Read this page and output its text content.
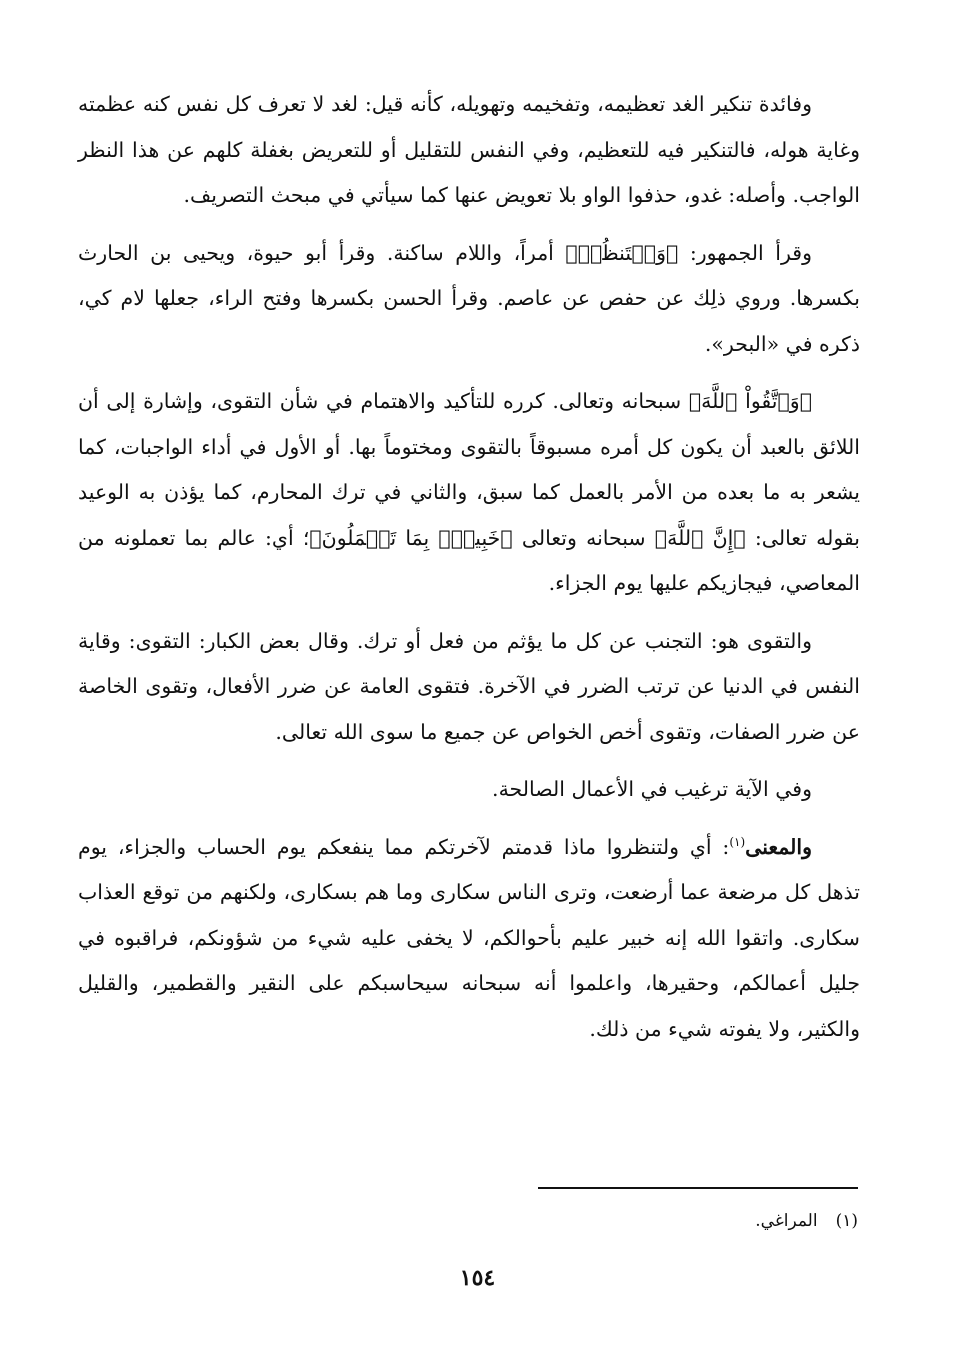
وفائدة تنكير الغد تعظيمه، وتفخيمه وتهويله، كأنه قيل: لغد لا تعرف كل نفس كنه عظمته وغاية هوله، فالتنكير فيه للتعظيم، وفي النفس للتقليل أو للتعريض بغفلة كلهم عن هذا النظر الواجب. وأصله: غدو، حذفوا الواو بلا تعويض عنها كما سيأتي في مبحث التصريف.

وقرأ الجمهور: ﴿وَلۡتَنظُرۡ﴾ أمراً، واللام ساكنة. وقرأ أبو حيوة، ويحيى بن الحارث بكسرها. وروي ذلِك عن حفص عن عاصم. وقرأ الحسن بكسرها وفتح الراء، جعلها لام كي، ذكره في «البحر».

﴿وَٱتَّقُواْ ٱللَّهَ﴾ سبحانه وتعالى. كرره للتأكيد والاهتمام في شأن التقوى، وإشارة إلى أن اللائق بالعبد أن يكون كل أمره مسبوقاً بالتقوى ومختوماً بها. أو الأول في أداء الواجبات، كما يشعر به ما بعده من الأمر بالعمل كما سبق، والثاني في ترك المحارم، كما يؤذن به الوعيد بقوله تعالى: ﴿إِنَّ ٱللَّهَ﴾ سبحانه وتعالى ﴿خَبِيرٌۢ بِمَا تَعۡمَلُونَ﴾؛ أي: عالم بما تعملونه من المعاصي، فيجازيكم عليها يوم الجزاء.

والتقوى هو: التجنب عن كل ما يؤثم من فعل أو ترك. وقال بعض الكبار: التقوى: وقاية النفس في الدنيا عن ترتب الضرر في الآخرة. فتقوى العامة عن ضرر الأفعال، وتقوى الخاصة عن ضرر الصفات، وتقوى أخص الخواص عن جميع ما سوى الله تعالى.

وفي الآية ترغيب في الأعمال الصالحة.

والمعنى$^{(١)}$: أي ولتنظروا ماذا قدمتم لآخرتكم مما ينفعكم يوم الحساب والجزاء، يوم تذهل كل مرضعة عما أرضعت، وترى الناس سكارى وما هم بسكارى، ولكنهم من توقع العذاب سكارى. واتقوا الله إنه خبير عليم بأحوالكم، لا يخفى عليه شيء من شؤونكم، فراقبوه في جليل أعمالكم، وحقيرها، واعلموا أنه سبحانه سيحاسبكم على النقير والقطمير، والقليل والكثير، ولا يفوته شيء من ذلك.

(١)المراغي.
١٥٤
